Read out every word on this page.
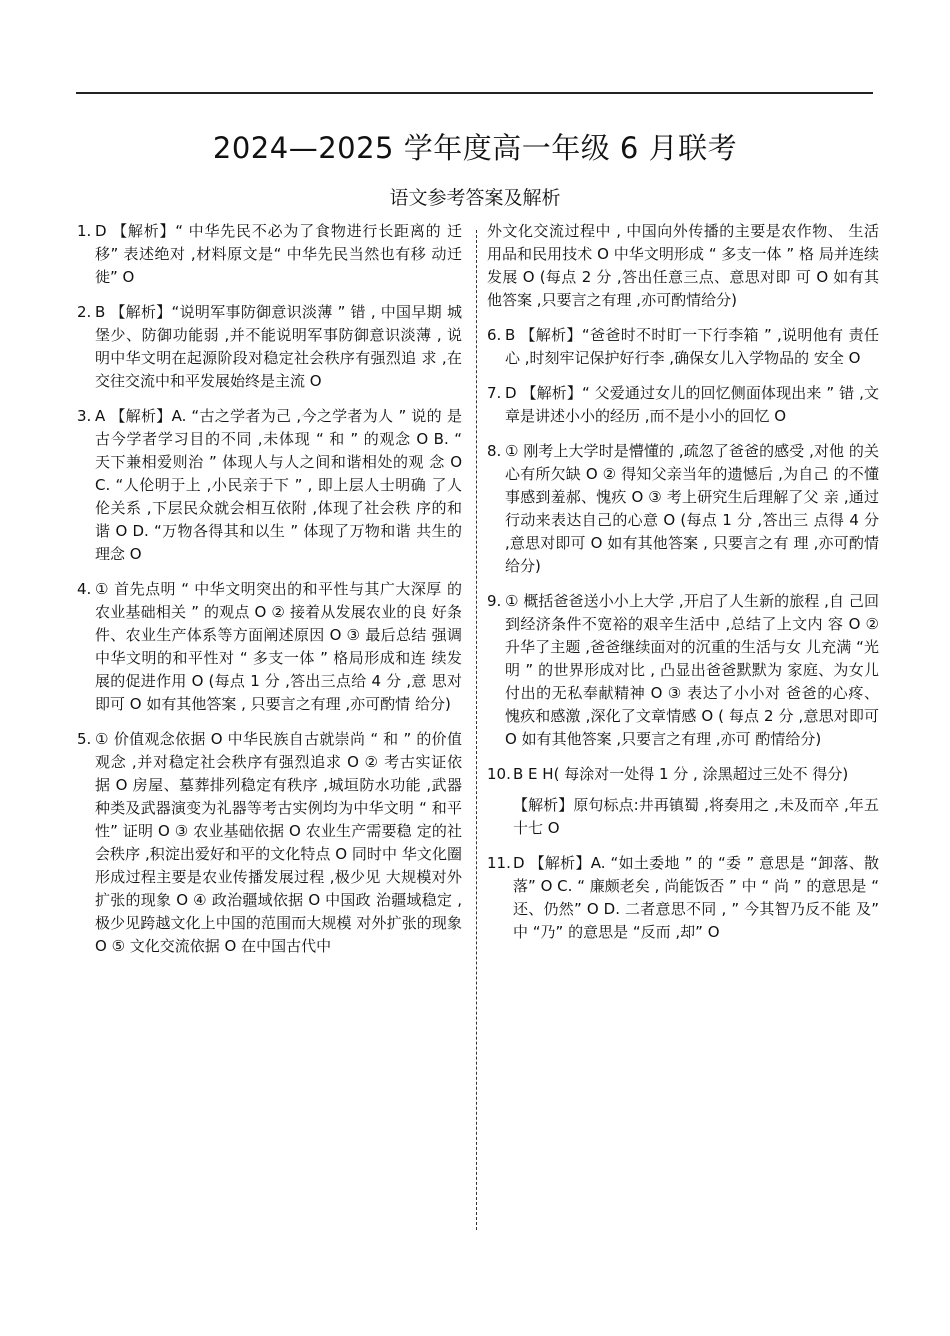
2024—2025 学年度高一年级 6 月联考
语文参考答案及解析
1. D 【解析】“ 中华先民不必为了食物进行长距离的 迁移” 表述绝对 ,材料原文是“ 中华先民当然也有移 动迁徙” O
2. B 【解析】“说明军事防御意识淡薄 ” 错 , 中国早期 城堡少、防御功能弱 ,并不能说明军事防御意识淡薄 , 说明中华文明在起源阶段对稳定社会秩序有强烈追 求 ,在交往交流中和平发展始终是主流 O
3. A 【解析】A. “古之学者为己 ,今之学者为人 ” 说的 是古今学者学习目的不同 ,未体现 “ 和 ” 的观念 O B. “ 天下兼相爱则治 ” 体现人与人之间和谐相处的观 念 O C. “人伦明于上 ,小民亲于下 ” , 即上层人士明确 了人伦关系 ,下层民众就会相互依附 ,体现了社会秩 序的和谐 O D. “万物各得其和以生 ” 体现了万物和谐 共生的理念 O
4. ① 首先点明 “ 中华文明突出的和平性与其广大深厚 的农业基础相关 ” 的观点 O ② 接着从发展农业的良 好条件、农业生产体系等方面阐述原因 O ③ 最后总结 强调中华文明的和平性对 “ 多支一体 ” 格局形成和连 续发展的促进作用 O (每点 1 分 ,答出三点给 4 分 ,意 思对即可 O 如有其他答案 , 只要言之有理 ,亦可酌情 给分)
5. ① 价值观念依据 O 中华民族自古就崇尚 “ 和 ” 的价值 观念 ,并对稳定社会秩序有强烈追求 O ② 考古实证依 据 O 房屋、墓葬排列稳定有秩序 ,城垣防水功能 ,武器 种类及武器演变为礼器等考古实例均为中华文明 “ 和平性” 证明 O ③ 农业基础依据 O 农业生产需要稳 定的社会秩序 ,积淀出爱好和平的文化特点 O 同时中 华文化圈形成过程主要是农业传播发展过程 ,极少见 大规模对外扩张的现象 O ④ 政治疆域依据 O 中国政 治疆域稳定 ,极少见跨越文化上中国的范围而大规模 对外扩张的现象 O ⑤ 文化交流依据 O 在中国古代中
外文化交流过程中 , 中国向外传播的主要是农作物、 生活用品和民用技术 O 中华文明形成 “ 多支一体 ” 格 局并连续发展 O (每点 2 分 ,答出任意三点、意思对即 可 O 如有其他答案 ,只要言之有理 ,亦可酌情给分)
6. B 【解析】“爸爸时不时盯一下行李箱 ” ,说明他有 责任心 ,时刻牢记保护好行李 ,确保女儿入学物品的 安全 O
7. D 【解析】“ 父爱通过女儿的回忆侧面体现出来 ” 错 ,文章是讲述小小的经历 ,而不是小小的回忆 O
8. ① 刚考上大学时是懵懂的 ,疏忽了爸爸的感受 ,对他 的关心有所欠缺 O ② 得知父亲当年的遗憾后 ,为自己 的不懂事感到羞郝、愧疚 O ③ 考上研究生后理解了父 亲 ,通过行动来表达自己的心意 O (每点 1 分 ,答出三 点得 4 分 ,意思对即可 O 如有其他答案 , 只要言之有 理 ,亦可酌情给分)
9. ① 概括爸爸送小小上大学 ,开启了人生新的旅程 ,自 己回到经济条件不宽裕的艰辛生活中 ,总结了上文内 容 O ② 升华了主题 ,爸爸继续面对的沉重的生活与女 儿充满 “光明 ” 的世界形成对比 , 凸显出爸爸默默为 家庭、为女儿付出的无私奉献精神 O ③ 表达了小小对 爸爸的心疼、愧疚和感激 ,深化了文章情感 O ( 每点 2 分 ,意思对即可 O 如有其他答案 ,只要言之有理 ,亦可 酌情给分)
10. B E H( 每涂对一处得 1 分 , 涂黑超过三处不 得分)
【解析】原句标点:井再镇蜀 ,将奏用之 ,未及而卒 ,年五十七 O
11. D 【解析】A. “如土委地 ” 的 “委 ” 意思是 “卸落、散 落” O C. “ 廉颇老矣 , 尚能饭否 ” 中 “ 尚 ” 的意思是 “ 还、仍然” O D. 二者意思不同 , ” 今其智乃反不能 及” 中 “乃” 的意思是 “反而 ,却” O
